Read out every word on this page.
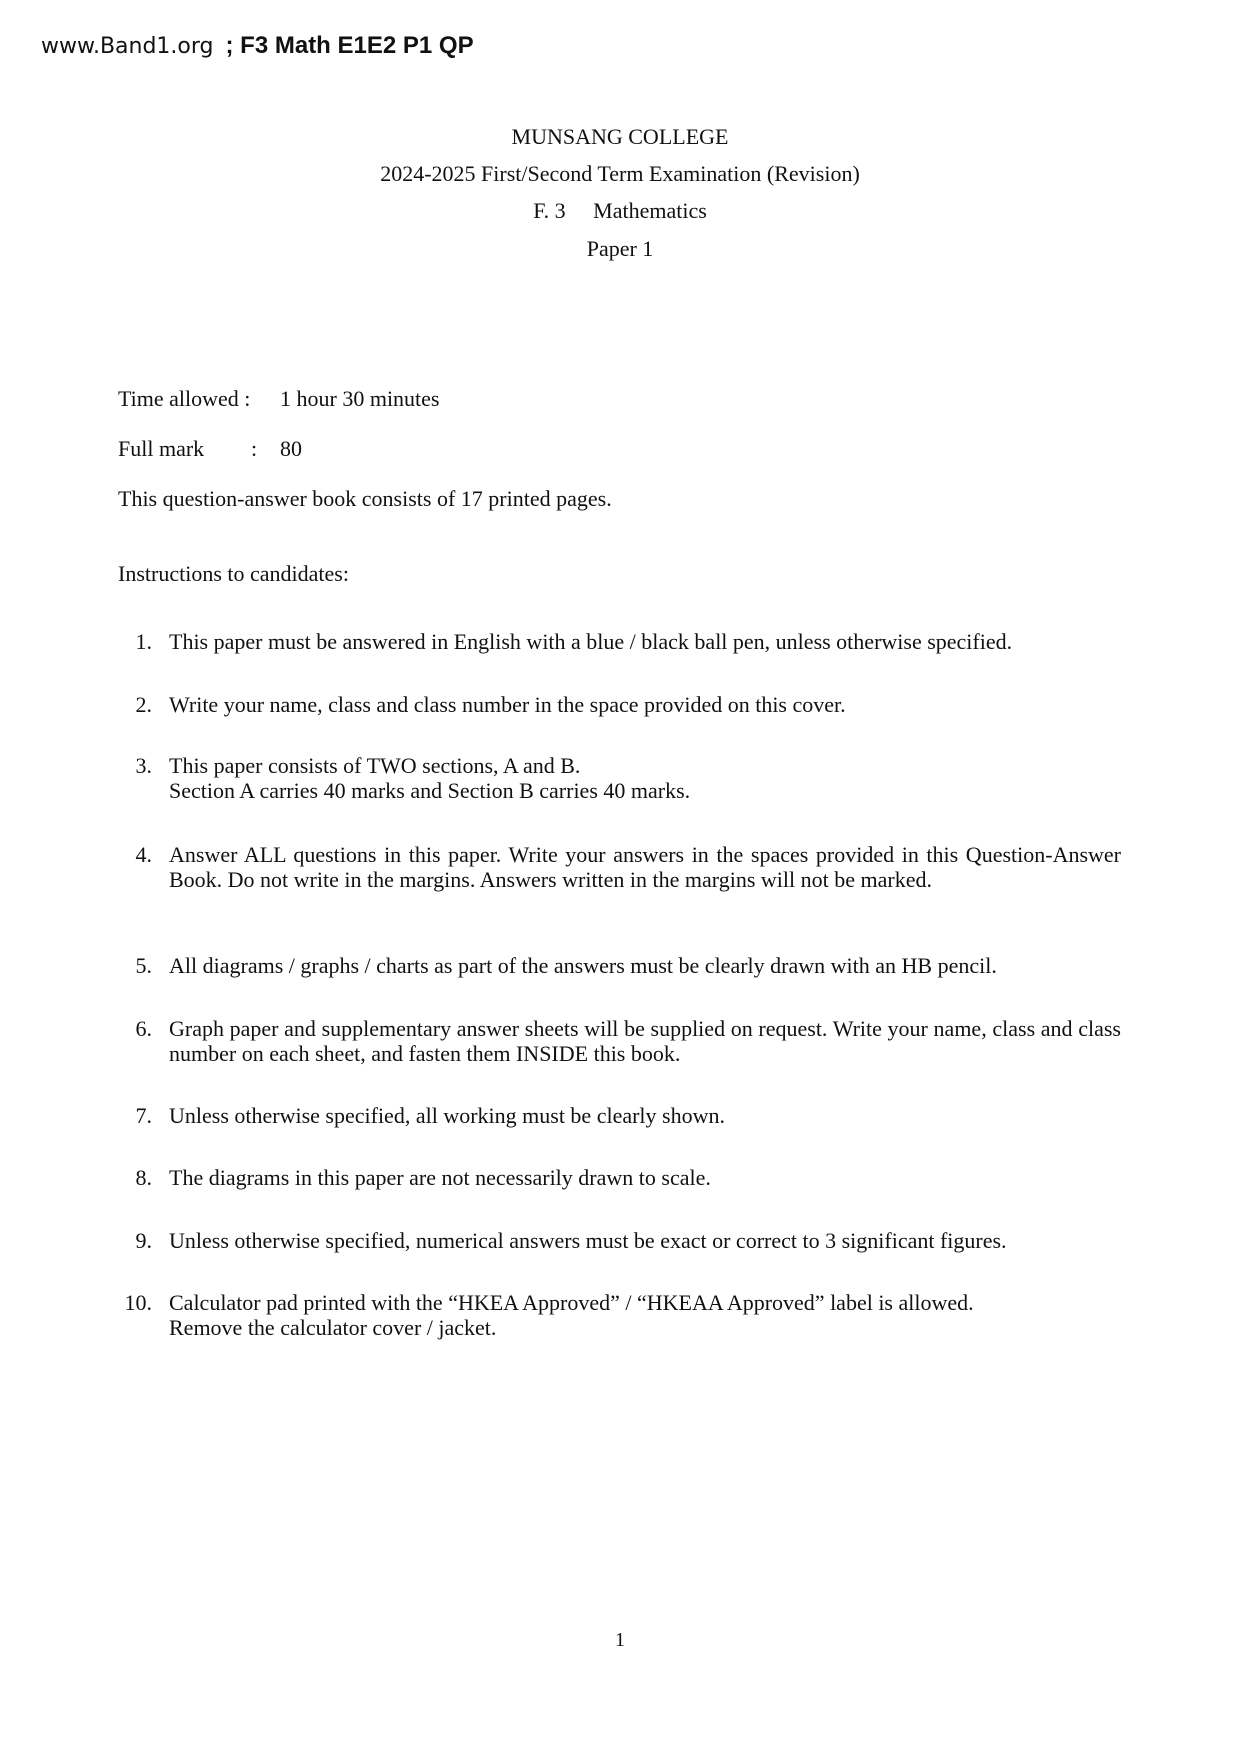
www.Band1.org ; F3 Math E1E2 P1 QP
MUNSANG COLLEGE
2024-2025 First/Second Term Examination (Revision)
F. 3     Mathematics
Paper 1
Time allowed : 1 hour 30 minutes
Full mark : 80
This question-answer book consists of 17 printed pages.
Instructions to candidates:
1. This paper must be answered in English with a blue / black ball pen, unless otherwise specified.
2. Write your name, class and class number in the space provided on this cover.
3. This paper consists of TWO sections, A and B.
Section A carries 40 marks and Section B carries 40 marks.
4. Answer ALL questions in this paper. Write your answers in the spaces provided in this Question-Answer Book. Do not write in the margins. Answers written in the margins will not be marked.
5. All diagrams / graphs / charts as part of the answers must be clearly drawn with an HB pencil.
6. Graph paper and supplementary answer sheets will be supplied on request. Write your name, class and class number on each sheet, and fasten them INSIDE this book.
7. Unless otherwise specified, all working must be clearly shown.
8. The diagrams in this paper are not necessarily drawn to scale.
9. Unless otherwise specified, numerical answers must be exact or correct to 3 significant figures.
10. Calculator pad printed with the “HKEA Approved” / “HKEAA Approved” label is allowed.
Remove the calculator cover / jacket.
1
